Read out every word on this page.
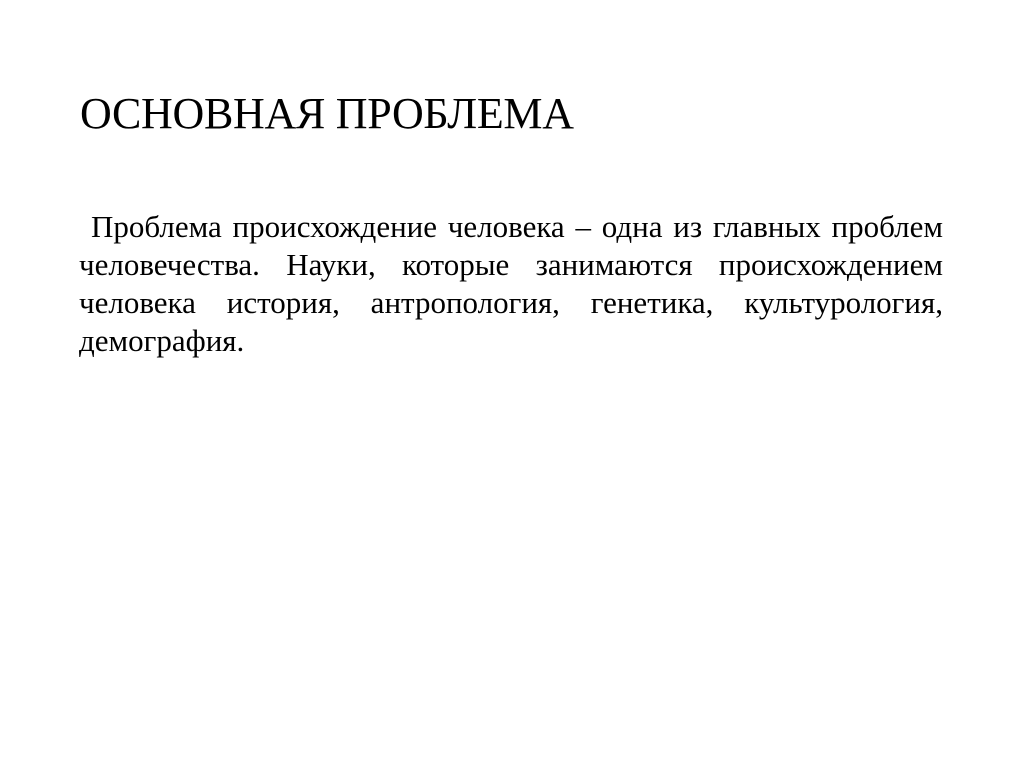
ОСНОВНАЯ ПРОБЛЕМА

Проблема происхождение человека – одна из главных проблем человечества. Науки, которые занимаются происхождением человека история, антропология, генетика, культурология, демография.
